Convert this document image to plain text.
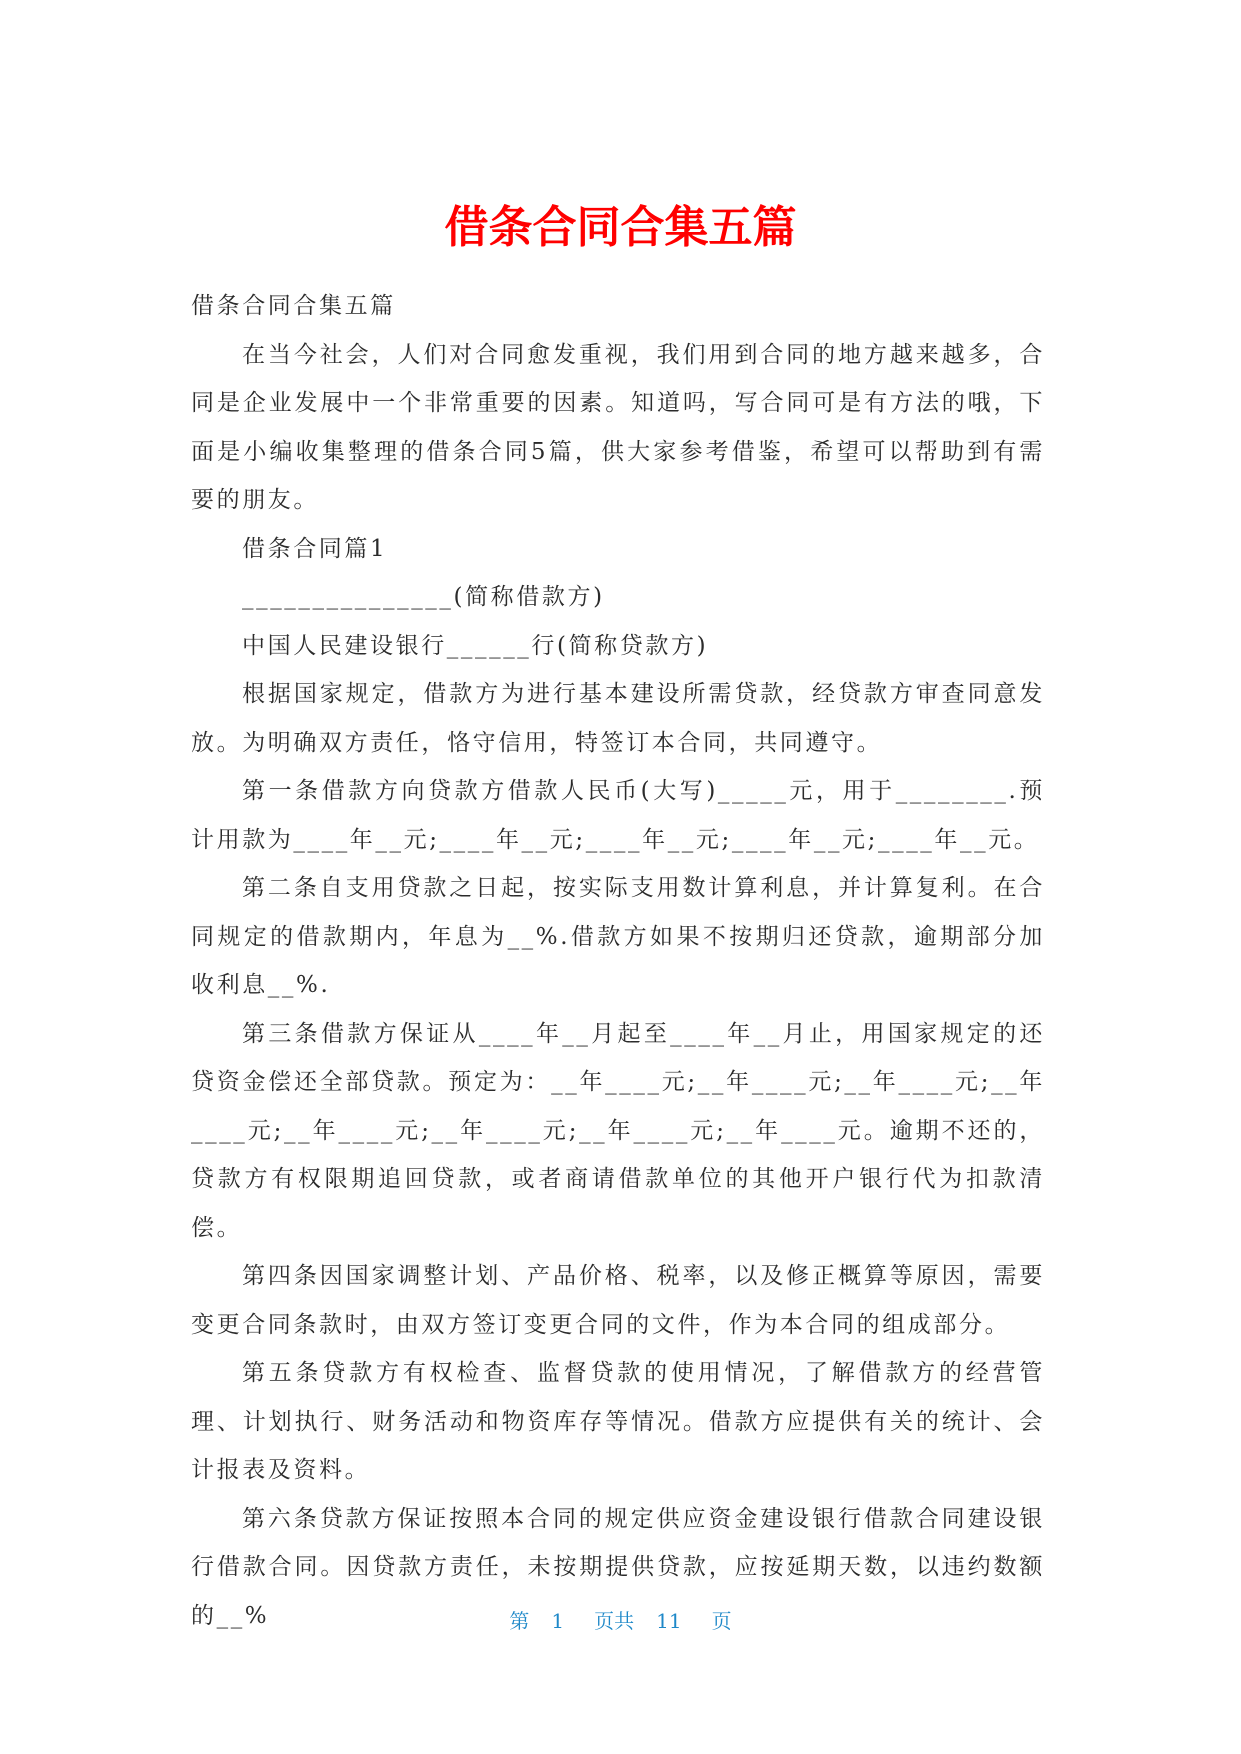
借条合同合集五篇

借条合同合集五篇

在当今社会，人们对合同愈发重视，我们用到合同的地方越来越多，合同是企业发展中一个非常重要的因素。知道吗，写合同可是有方法的哦，下面是小编收集整理的借条合同5篇，供大家参考借鉴，希望可以帮助到有需要的朋友。

借条合同篇1

_______________(简称借款方)

中国人民建设银行______行(简称贷款方)

根据国家规定，借款方为进行基本建设所需贷款，经贷款方审查同意发放。为明确双方责任，恪守信用，特签订本合同，共同遵守。

第一条借款方向贷款方借款人民币(大写)_____元，用于________.预计用款为____年__元;____年__元;____年__元;____年__元;____年__元。

第二条自支用贷款之日起，按实际支用数计算利息，并计算复利。在合同规定的借款期内，年息为__%.借款方如果不按期归还贷款，逾期部分加收利息__%.

第三条借款方保证从____年__月起至____年__月止，用国家规定的还贷资金偿还全部贷款。预定为：__年____元;__年____元;__年____元;__年____元;__年____元;__年____元;__年____元;__年____元。逾期不还的，贷款方有权限期追回贷款，或者商请借款单位的其他开户银行代为扣款清偿。

第四条因国家调整计划、产品价格、税率，以及修正概算等原因，需要变更合同条款时，由双方签订变更合同的文件，作为本合同的组成部分。

第五条贷款方有权检查、监督贷款的使用情况，了解借款方的经营管理、计划执行、财务活动和物资库存等情况。借款方应提供有关的统计、会计报表及资料。

第六条贷款方保证按照本合同的规定供应资金建设银行借款合同建设银行借款合同。因贷款方责任，未按期提供贷款，应按延期天数，以违约数额的__%	第 1 页共 11 页
